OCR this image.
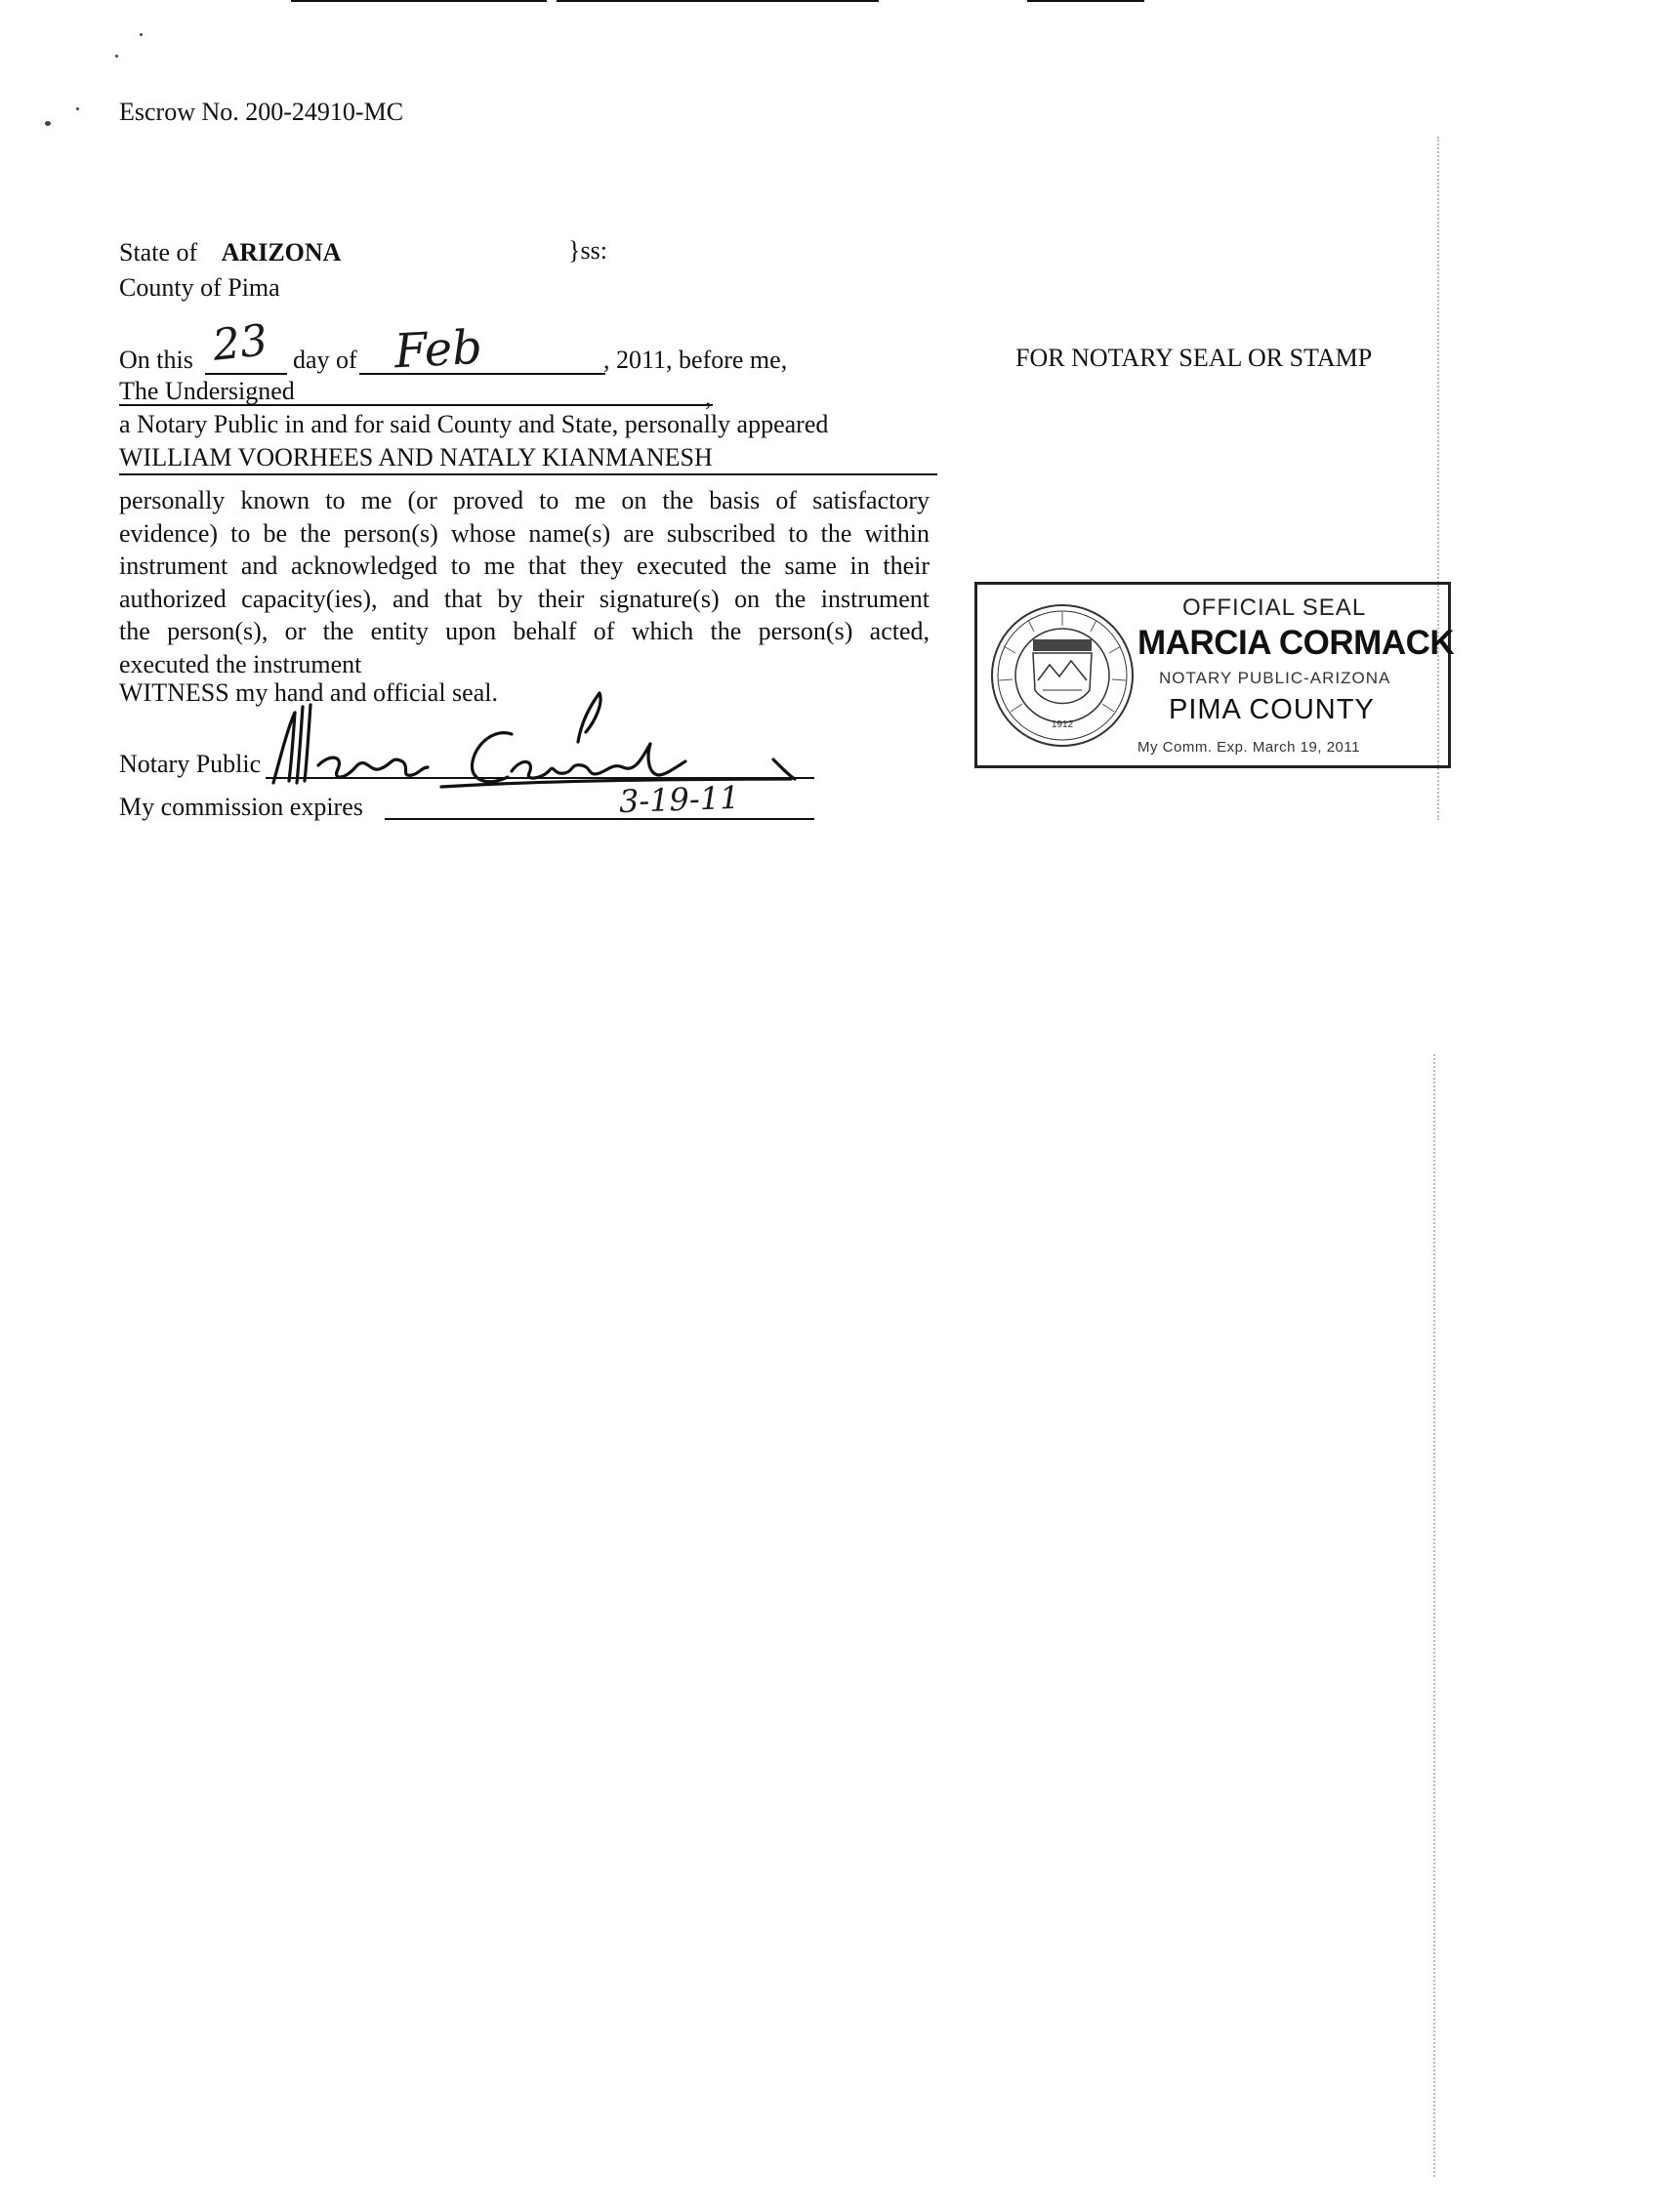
Escrow No. 200-24910-MC
State of ARIZONA	}ss:
County of Pima
On this 23 day of Feb	, 2011, before me,
The Undersigned	,
a Notary Public in and for said County and State, personally appeared
WILLIAM VOORHEES AND NATALY KIANMANESH
personally known to me (or proved to me on the basis of satisfactory
evidence) to be the person(s) whose name(s) are subscribed to the within
instrument and acknowledged to me that they executed the same in their
authorized capacity(ies), and that by their signature(s) on the instrument
the person(s), or the entity upon behalf of which the person(s) acted,
executed the instrument
WITNESS my hand and official seal.
Notary Public
My commission expires	3-19-11
FOR NOTARY SEAL OR STAMP
1912
OFFICIAL SEAL
MARCIA CORMACK
NOTARY PUBLIC-ARIZONA
PIMA COUNTY
My Comm. Exp. March 19, 2011
